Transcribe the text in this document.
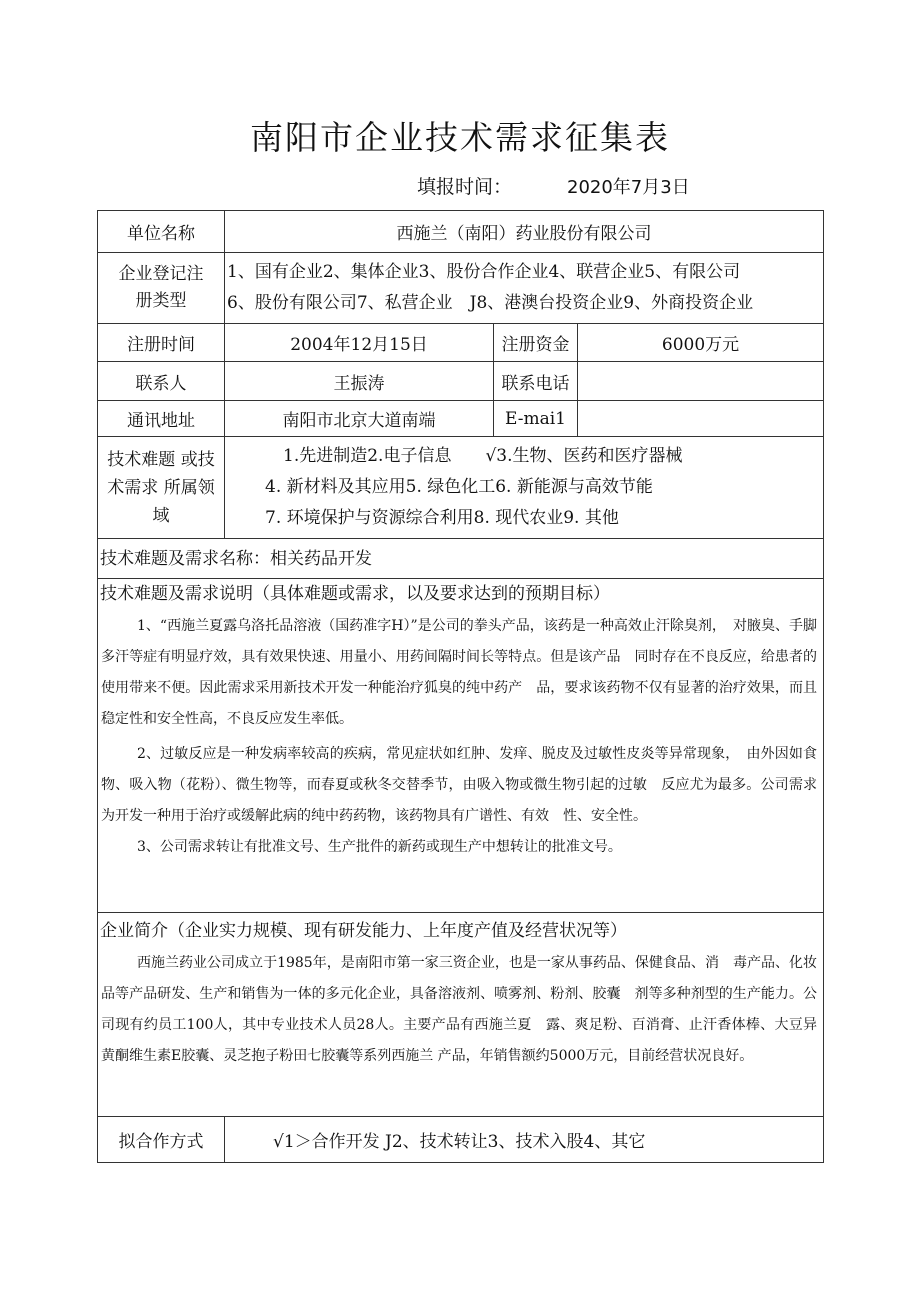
南阳市企业技术需求征集表
填报时间：	2020年7月3日
单位名称	西施兰（南阳）药业股份有限公司		

企业登记注册类型	1、国有企业2、集体企业3、股份合作企业4、联营企业5、有限公司
6、股份有限公司7、私营企业　J8、港澳台投资企业9、外商投资企业		

注册时间	2004年12月15日	注册资金	6000万元
联系人	王振涛	联系电话	
通讯地址	南阳市北京大道南端	E-mai1	

技术难题 或技术需求 所属领域	1.先进制造2.电子信息　　√3.生物、医药和医疗器械
4. 新材料及其应用5. 绿色化工6. 新能源与高效节能
7. 环境保护与资源综合利用8. 现代农业9. 其他		

技术难题及需求名称：相关药品开发			

技术难题及需求说明（具体难题或需求，以及要求达到的预期目标）

1、“西施兰夏露乌洛托品溶液（国药准字H）”是公司的拳头产品，该药是一种高效止汗除臭剂，　对腋臭、手脚多汗等症有明显疗效，具有效果快速、用量小、用药间隔时间长等特点。但是该产品　同时存在不良反应，给患者的使用带来不便。因此需求采用新技术开发一种能治疗狐臭的纯中药产　品，要求该药物不仅有显著的治疗效果，而且稳定性和安全性高，不良反应发生率低。

2、过敏反应是一种发病率较高的疾病，常见症状如红肿、发痒、脱皮及过敏性皮炎等异常现象，　由外因如食物、吸入物（花粉）、微生物等，而春夏或秋冬交替季节，由吸入物或微生物引起的过敏　反应尤为最多。公司需求为开发一种用于治疗或缓解此病的纯中药药物，该药物具有广谱性、有效　性、安全性。

3、公司需求转让有批准文号、生产批件的新药或现生产中想转让的批准文号。			

企业简介（企业实力规模、现有研发能力、上年度产值及经营状况等）

西施兰药业公司成立于1985年，是南阳市第一家三资企业，也是一家从事药品、保健食品、消　毒产品、化妆品等产品研发、生产和销售为一体的多元化企业，具备溶液剂、喷雾剂、粉剂、胶囊　剂等多种剂型的生产能力。公司现有约员工100人，其中专业技术人员28人。主要产品有西施兰夏　露、爽足粉、百消膏、止汗香体棒、大豆异黄酮维生素E胶囊、灵芝抱子粉田七胶囊等系列西施兰 产品，年销售额约5000万元，目前经营状况良好。			

拟合作方式	√1＞合作开发 J2、技术转让3、技术入股4、其它		
